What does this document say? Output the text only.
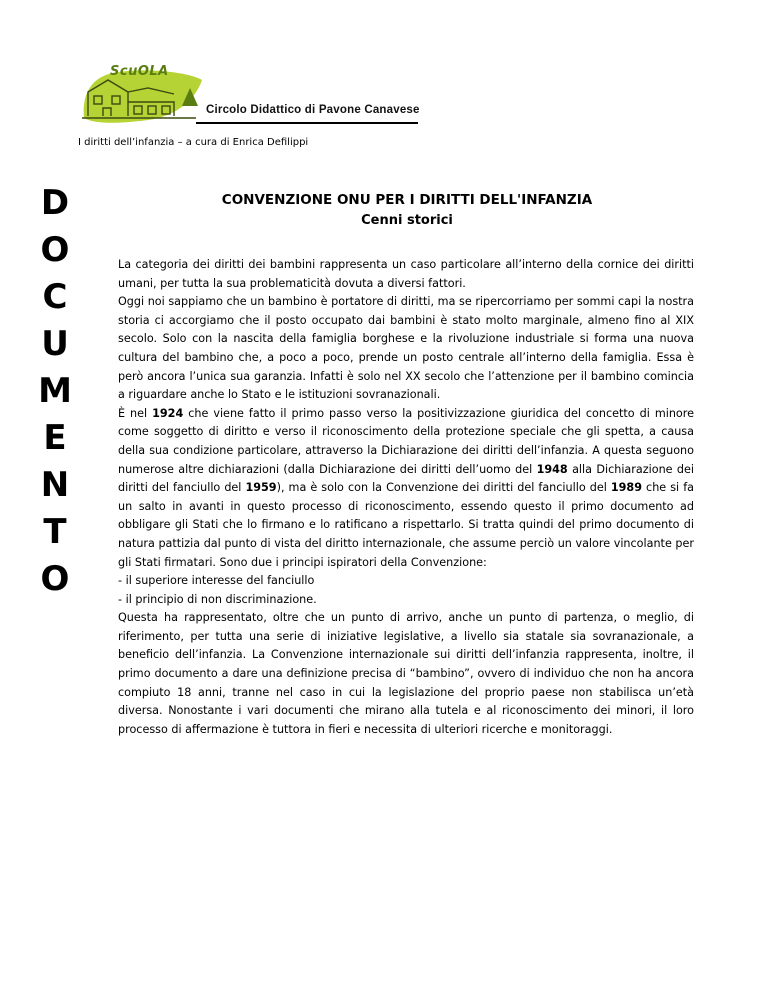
ScuOLA
Circolo Didattico di Pavone Canavese
I diritti dell’infanzia – a cura di Enrica Defilippi
D
O
C
U
M
E
N
T
O
CONVENZIONE ONU PER I DIRITTI DELL'INFANZIA
Cenni storici

La categoria dei diritti dei bambini rappresenta un caso particolare all’interno della cornice dei diritti umani, per tutta la sua problematicità dovuta a diversi fattori.

Oggi noi sappiamo che un bambino è portatore di diritti, ma se ripercorriamo per sommi capi la nostra storia ci accorgiamo che il posto occupato dai bambini è stato molto marginale, almeno fino al XIX secolo. Solo con la nascita della famiglia borghese e la rivoluzione industriale si forma una nuova cultura del bambino che, a poco a poco, prende un posto centrale all’interno della famiglia. Essa è però ancora l’unica sua garanzia. Infatti è solo nel XX secolo che l’attenzione per il bambino comincia a riguardare anche lo Stato e le istituzioni sovranazionali.

È nel 1924 che viene fatto il primo passo verso la positivizzazione giuridica del concetto di minore come soggetto di diritto e verso il riconoscimento della protezione speciale che gli spetta, a causa della sua condizione particolare, attraverso la Dichiarazione dei diritti dell’infanzia. A questa seguono numerose altre dichiarazioni (dalla Dichiarazione dei diritti dell’uomo del 1948 alla Dichiarazione dei diritti del fanciullo del 1959), ma è solo con la Convenzione dei diritti del fanciullo del 1989 che si fa un salto in avanti in questo processo di riconoscimento, essendo questo il primo documento ad obbligare gli Stati che lo firmano e lo ratificano a rispettarlo. Si tratta quindi del primo documento di natura pattizia dal punto di vista del diritto internazionale, che assume perciò un valore vincolante per gli Stati firmatari. Sono due i principi ispiratori della Convenzione:

- il superiore interesse del fanciullo

- il principio di non discriminazione.

Questa ha rappresentato, oltre che un punto di arrivo, anche un punto di partenza, o meglio, di riferimento, per tutta una serie di iniziative legislative, a livello sia statale sia sovranazionale, a beneficio dell’infanzia. La Convenzione internazionale sui diritti dell’infanzia rappresenta, inoltre, il primo documento a dare una definizione precisa di “bambino”, ovvero di individuo che non ha ancora compiuto 18 anni, tranne nel caso in cui la legislazione del proprio paese non stabilisca un’età diversa. Nonostante i vari documenti che mirano alla tutela e al riconoscimento dei minori, il loro processo di affermazione è tuttora in fieri e necessita di ulteriori ricerche e monitoraggi.
